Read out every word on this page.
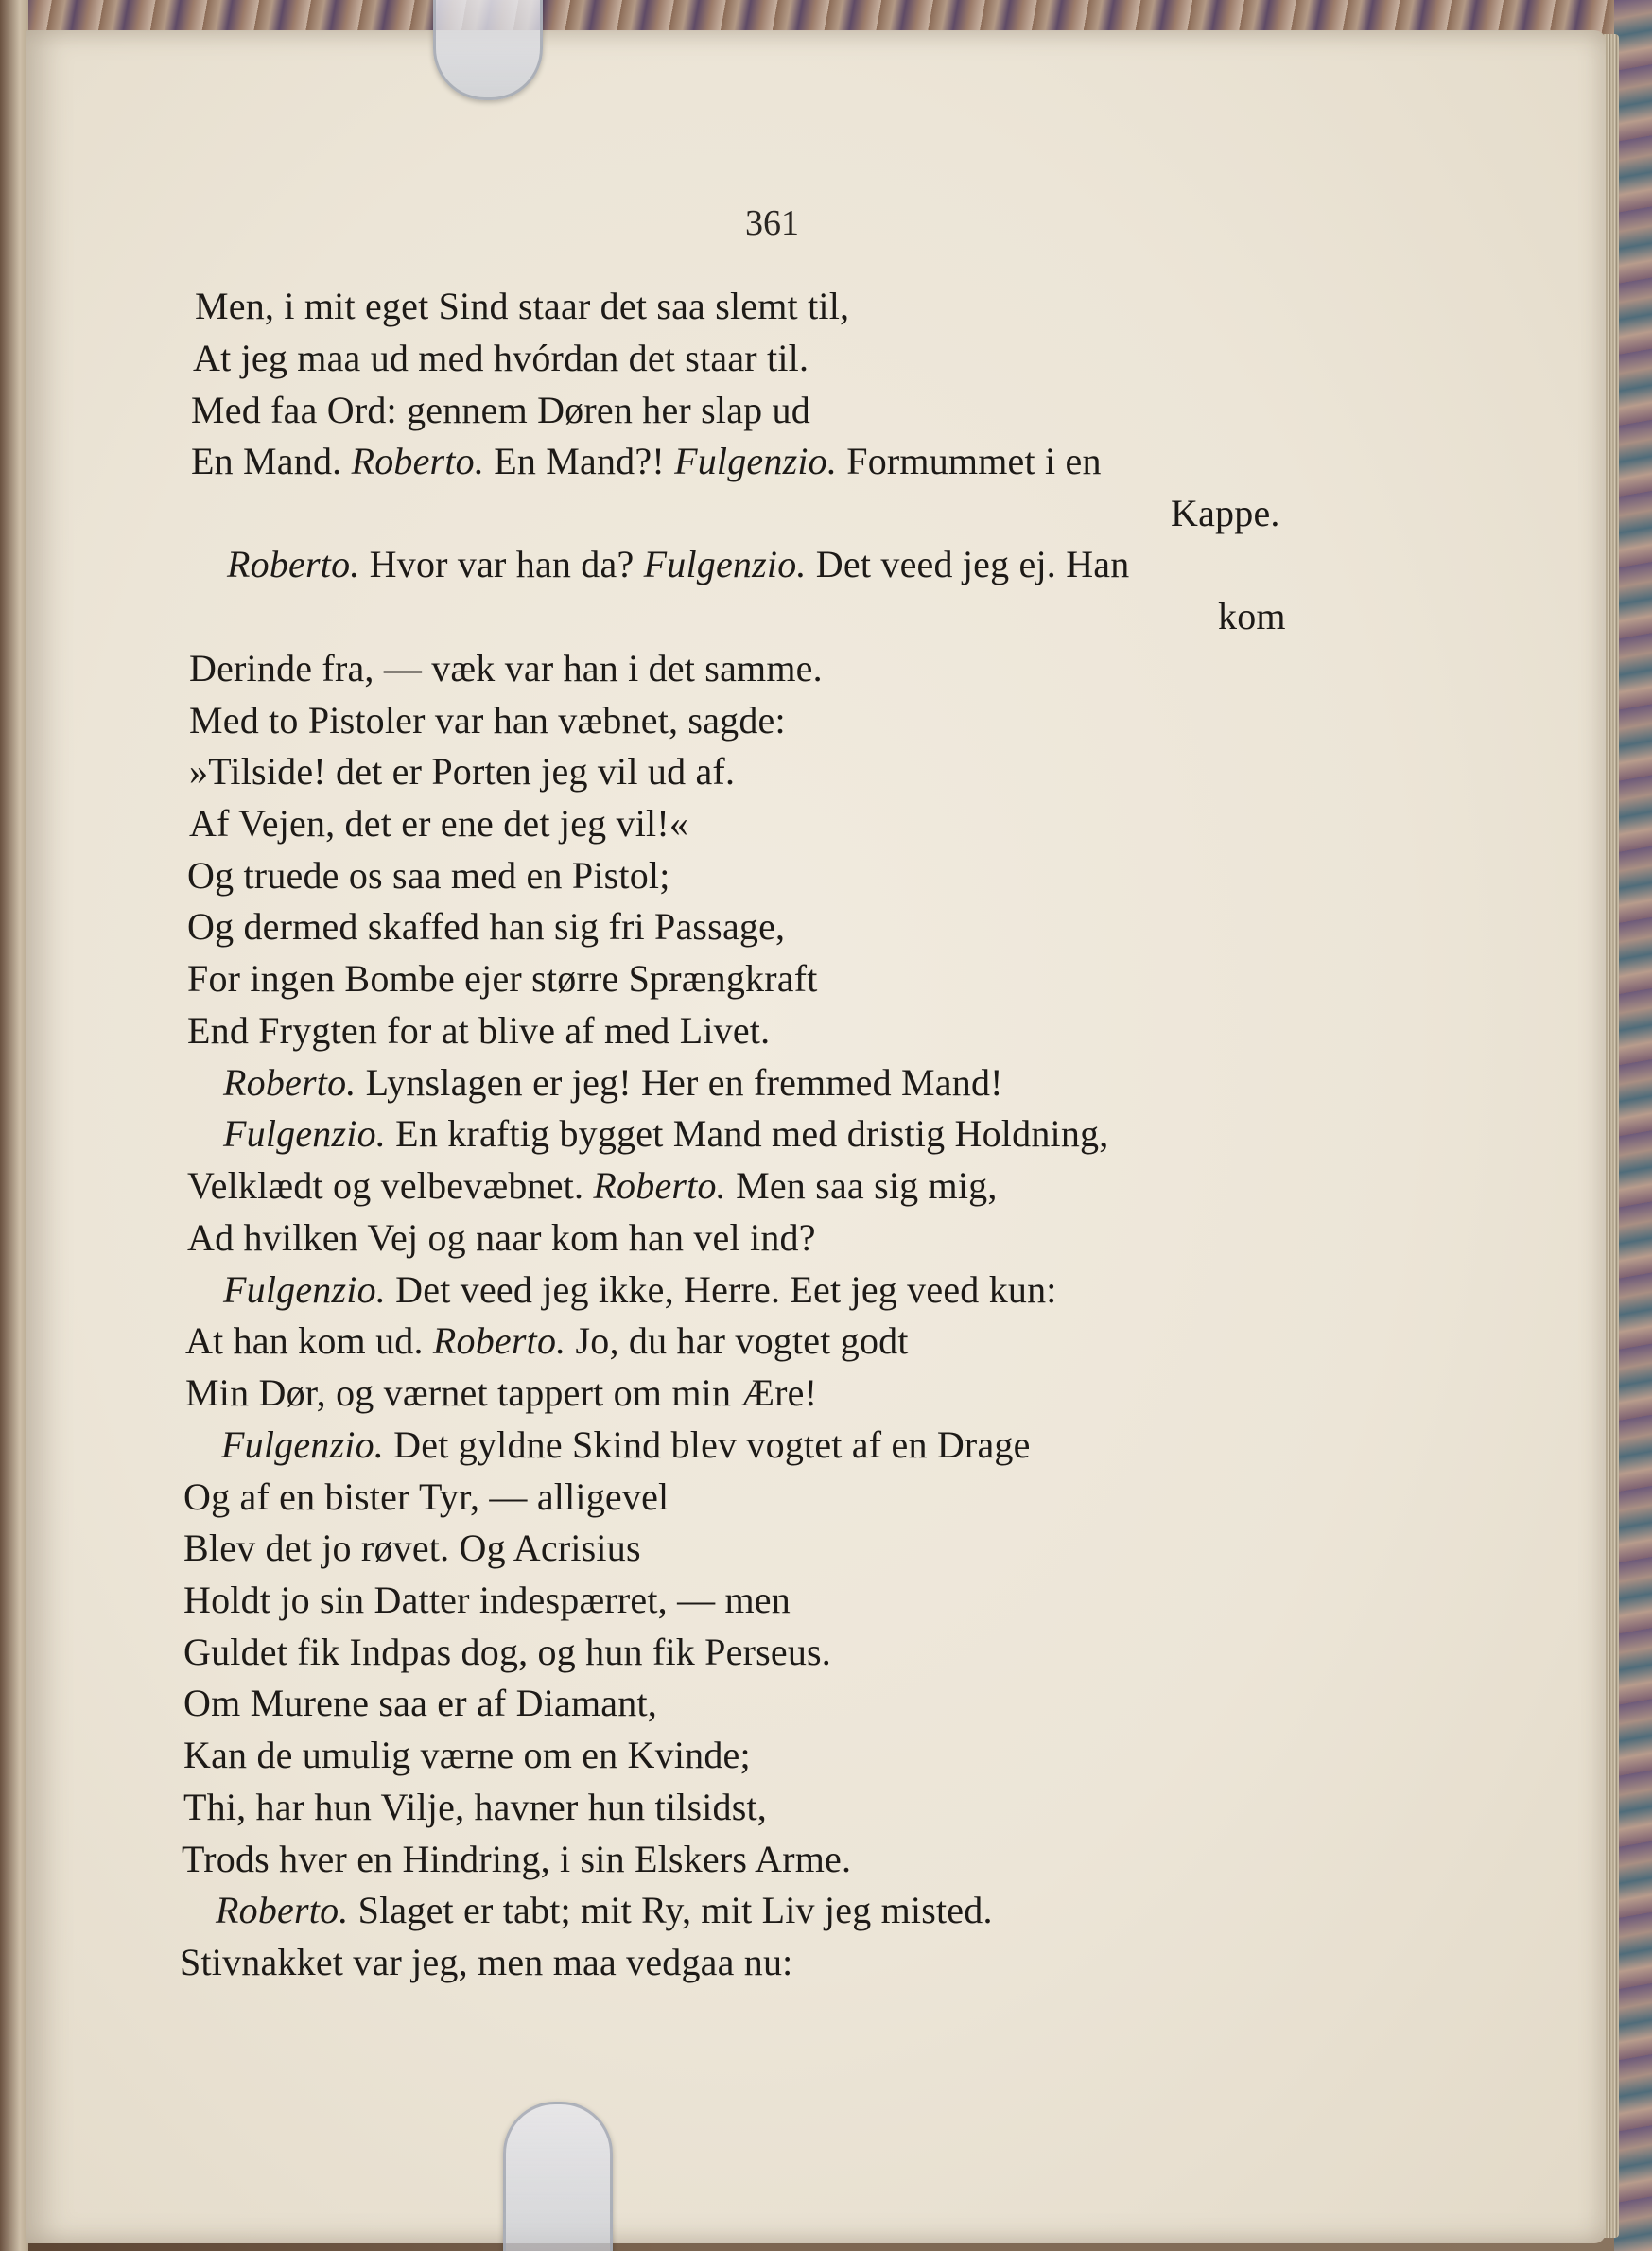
361
Men, i mit eget Sind staar det saa slemt til,
At jeg maa ud med hvórdan det staar til.
Med faa Ord: gennem Døren her slap ud
En Mand. Roberto. En Mand?! Fulgenzio. Formummet i en
Kappe.
Roberto. Hvor var han da? Fulgenzio. Det veed jeg ej. Han
kom
Derinde fra, — væk var han i det samme.
Med to Pistoler var han væbnet, sagde:
»Tilside! det er Porten jeg vil ud af.
Af Vejen, det er ene det jeg vil!«
Og truede os saa med en Pistol;
Og dermed skaffed han sig fri Passage,
For ingen Bombe ejer større Sprængkraft
End Frygten for at blive af med Livet.
Roberto. Lynslagen er jeg! Her en fremmed Mand!
Fulgenzio. En kraftig bygget Mand med dristig Holdning,
Velklædt og velbevæbnet. Roberto. Men saa sig mig,
Ad hvilken Vej og naar kom han vel ind?
Fulgenzio. Det veed jeg ikke, Herre. Eet jeg veed kun:
At han kom ud. Roberto. Jo, du har vogtet godt
Min Dør, og værnet tappert om min Ære!
Fulgenzio. Det gyldne Skind blev vogtet af en Drage
Og af en bister Tyr, — alligevel
Blev det jo røvet. Og Acrisius
Holdt jo sin Datter indespærret, — men
Guldet fik Indpas dog, og hun fik Perseus.
Om Murene saa er af Diamant,
Kan de umulig værne om en Kvinde;
Thi, har hun Vilje, havner hun tilsidst,
Trods hver en Hindring, i sin Elskers Arme.
Roberto. Slaget er tabt; mit Ry, mit Liv jeg misted.
Stivnakket var jeg, men maa vedgaa nu:
